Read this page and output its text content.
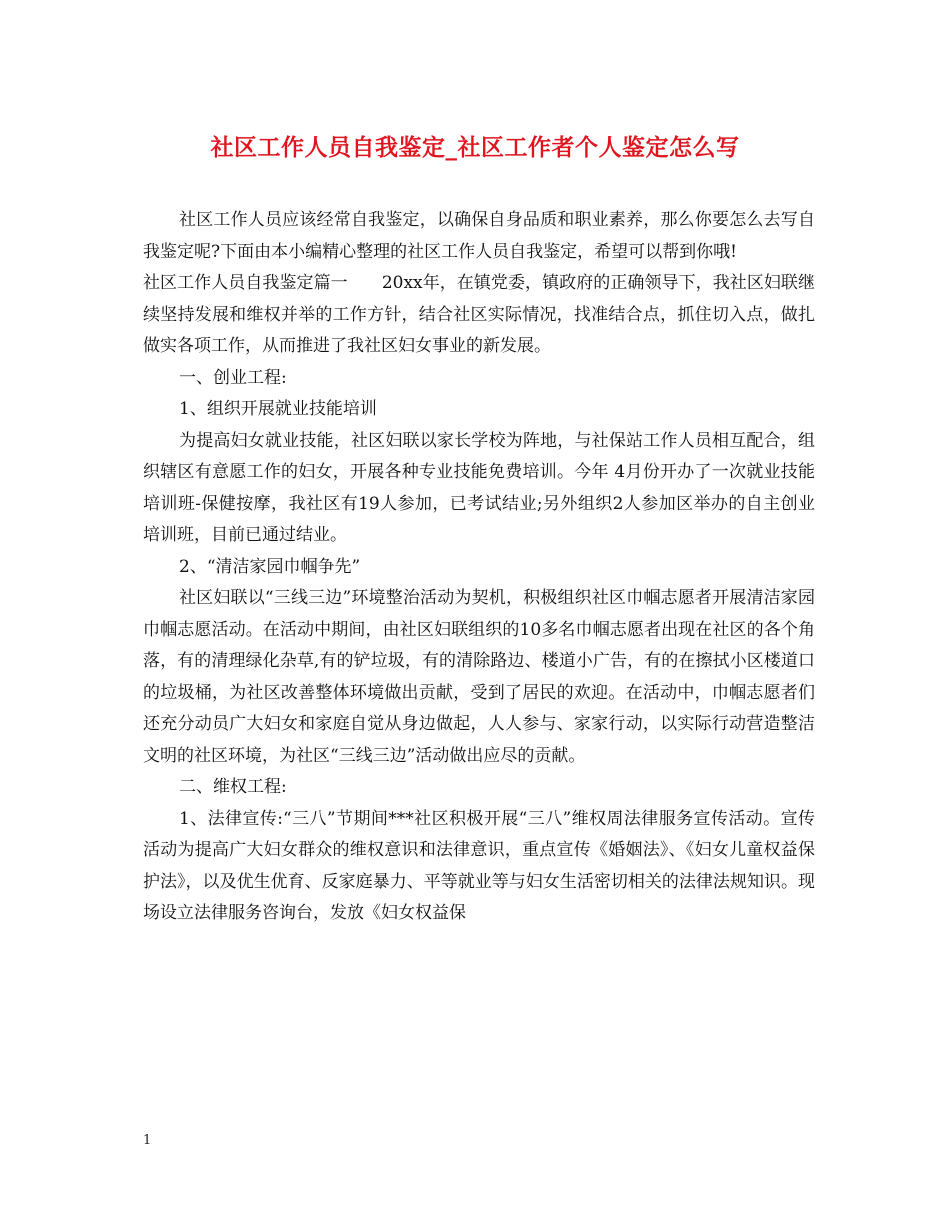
社区工作人员自我鉴定_社区工作者个人鉴定怎么写

社区工作人员应该经常自我鉴定，以确保自身品质和职业素养，那么你要怎么去写自我鉴定呢?下面由本小编精心整理的社区工作人员自我鉴定，希望可以帮到你哦!

社区工作人员自我鉴定篇一　　20xx年，在镇党委，镇政府的正确领导下，我社区妇联继续坚持发展和维权并举的工作方针，结合社区实际情况，找准结合点，抓住切入点，做扎做实各项工作，从而推进了我社区妇女事业的新发展。

一、创业工程:

1、组织开展就业技能培训

为提高妇女就业技能，社区妇联以家长学校为阵地，与社保站工作人员相互配合，组织辖区有意愿工作的妇女，开展各种专业技能免费培训。今年 4月份开办了一次就业技能培训班-保健按摩，我社区有19人参加，已考试结业;另外组织2人参加区举办的自主创业培训班，目前已通过结业。

2、“清洁家园巾帼争先”

社区妇联以“三线三边”环境整治活动为契机，积极组织社区巾帼志愿者开展清洁家园巾帼志愿活动。在活动中期间，由社区妇联组织的10多名巾帼志愿者出现在社区的各个角落，有的清理绿化杂草,有的铲垃圾，有的清除路边、楼道小广告，有的在擦拭小区楼道口的垃圾桶，为社区改善整体环境做出贡献，受到了居民的欢迎。在活动中，巾帼志愿者们还充分动员广大妇女和家庭自觉从身边做起，人人参与、家家行动，以实际行动营造整洁文明的社区环境，为社区“三线三边”活动做出应尽的贡献。

二、维权工程:

1、法律宣传:“三八”节期间***社区积极开展“三八”维权周法律服务宣传活动。宣传活动为提高广大妇女群众的维权意识和法律意识，重点宣传《婚姻法》、《妇女儿童权益保护法》，以及优生优育、反家庭暴力、平等就业等与妇女生活密切相关的法律法规知识。现场设立法律服务咨询台，发放《妇女权益保

1
